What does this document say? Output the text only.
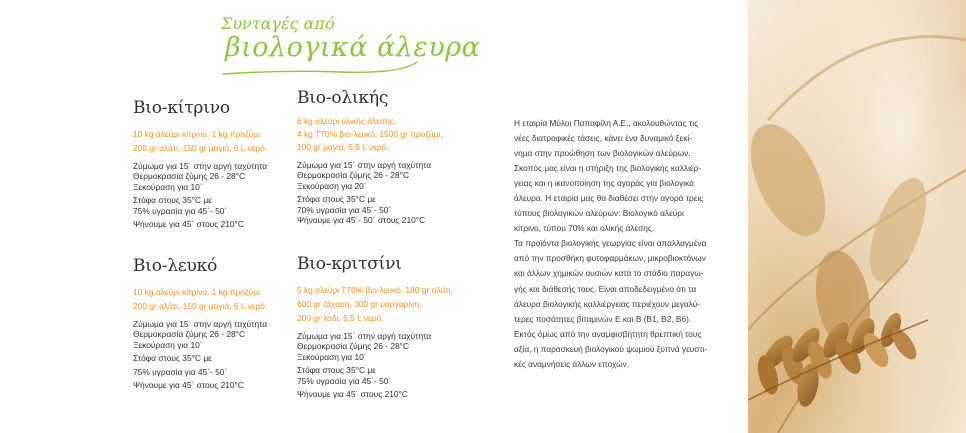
Συνταγές από
βιολογικά άλευρα
Βιο-κίτρινο
10 kg αλεύρι κίτρινο, 1 kg προζύμι
200 gr αλάτι, 150 gr μαγιά, 6 L νερό.
Ζύμωμα για 15΄ στην αργή ταχύτητα
Θερμοκρασία ζύμης 26 - 28°C
Ξεκούραση για 10΄
Στόφα στους 35°C με
75% υγρασία για 45΄- 50΄
Ψήνουμε για 45΄ στους 210°C
Βιο-ολικής
6 kg αλεύρι ολικής άλεσης,
4 kg Τ70% βιο-λευκό, 1500 gr προζύμι,
100 gr μαγιά, 5,5 L νερό.
Ζύμωμα για 15΄ στην αργή ταχύτητα
Θερμοκρασία ζύμης 26 - 28°C
Ξεκούραση για 20΄
Στόφα στους 35°C με
70% υγρασία για 45΄- 50΄
Ψήνουμε για 45΄- 50΄ στους 210°C
Βιο-λευκό
10 kg αλεύρι κίτρινο, 1 kg προζύμι
200 gr αλάτι, 150 gr μαγιά, 6 L νερό.
Ζύμωμα για 15΄ στην αργή ταχύτητα
Θερμοκρασία ζύμης 26 - 28°C
Ξεκούραση για 10΄
Στόφα στους 35°C με
75% υγρασία για 45΄- 50΄
Ψήνουμε για 45΄ στους 210°C
Βιο-κριτσίνι
5 kg αλεύρι Τ70% βιο-λευκό, 180 gr αλάτι,
600 gr ζάχαρη, 300 gr μαργαρίνη,
200 gr λάδι, 5,5 L νερό.
Ζύμωμα για 15΄ στην αργή ταχύτητα
Θερμοκρασία ζύμης 26 - 28°C
Ξεκούραση για 10΄
Στόφα στους 35°C με
75% υγρασία για 45΄- 50΄
Ψήνουμε για 45΄ στους 210°C
Η εταιρία Μύλοι Παπαφίλη Α.Ε., ακολουθώντας τις
νέες διατροφικές τάσεις, κάνει ένα δυναμικό ξεκί-
νημα στην προώθηση των βιολογικών αλεύρων.
Σκοπός μας είναι η στήριξη της βιολογικής καλλιέρ-
γειας και η ικανοποίηση της αγοράς για βιολογικά
άλευρα. Η εταιρία μας θα διαθέσει στην αγορά τρεις
τύπους βιολογικών αλεύρων: Βιολογικό αλεύρι
κίτρινο, τύπου 70% και ολικής άλεσης.
Τα προϊόντα βιολογικής γεωργίας είναι απαλλαγμένα
από την προσθήκη φυτοφαρμάκων, μικροβιοκτόνων
και άλλων χημικών ουσιών κατά το στάδιο παραγω-
γής και διάθεσής τους. Είναι αποδεδειγμένο ότι τα
άλευρα βιολογικής καλλιέργειας περιέχουν μεγαλύ-
τερες ποσότητες βιταμινών Ε και Β (Β1, Β2, Β6).
Εκτός όμως από την αναμφισβήτητη θρεπτική τους
αξία, η παρασκευή βιολογικού ψωμιού ξυπνά γευστι-
κές αναμνήσεις άλλων εποχών.
